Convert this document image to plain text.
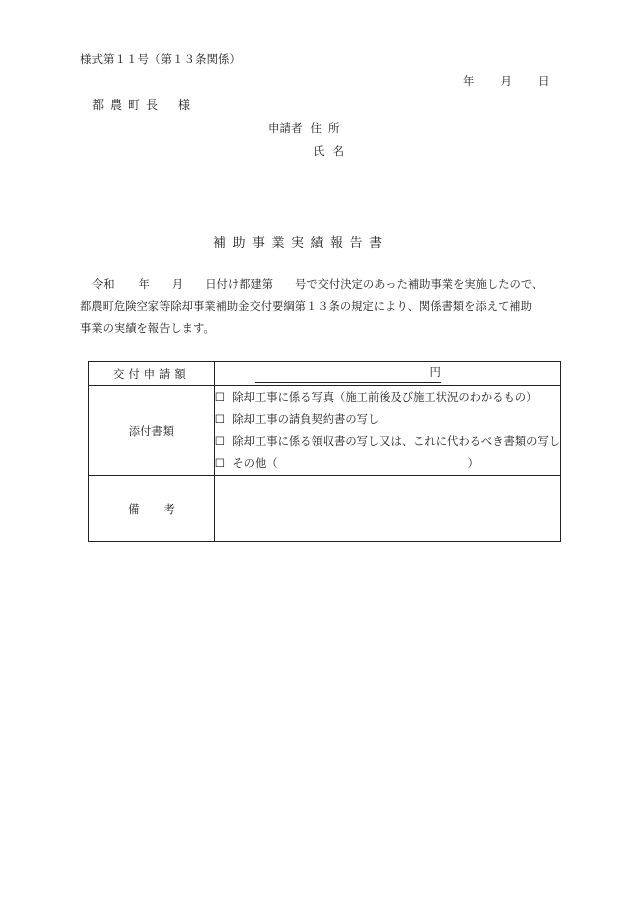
様式第１１号（第１３条関係）
年 月 日
都農町長 様
申請者 住所
氏名
補助事業実績報告書
令和 年 月 日付け都建第 号で交付決定のあった補助事業を実施したので、
都農町危険空家等除却事業補助金交付要綱第１３条の規定により、関係書類を添えて補助
事業の実績を報告します。
交付申請額	円
添付書類	☐ 除却工事に係る写真（施工前後及び施工状況のわかるもの）
☐ 除却工事の請負契約書の写し
☐ 除却工事に係る領収書の写し又は、これに代わるべき書類の写し
☐ その他（ ）

備考	
